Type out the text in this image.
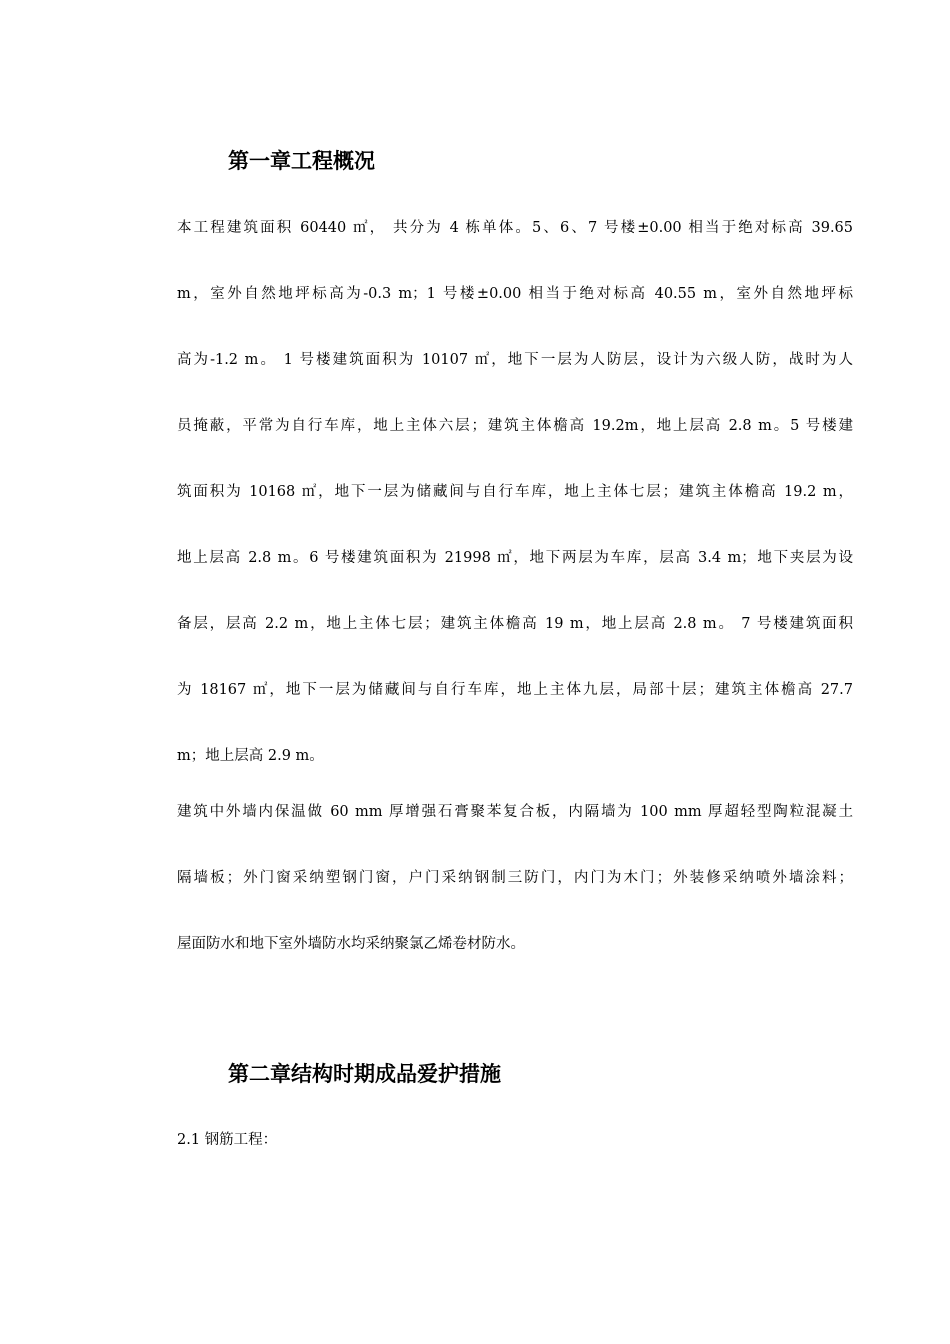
第一章工程概况

本工程建筑面积 60440 ㎡， 共分为 4 栋单体。5、6、7 号楼±0.00 相当于绝对标高 39.65

m，室外自然地坪标高为-0.3 m；1 号楼±0.00 相当于绝对标高 40.55 m，室外自然地坪标

高为-1.2 m。 1 号楼建筑面积为 10107 ㎡，地下一层为人防层，设计为六级人防，战时为人

员掩蔽，平常为自行车库，地上主体六层；建筑主体檐高 19.2m，地上层高 2.8 m。5 号楼建

筑面积为 10168 ㎡，地下一层为储藏间与自行车库，地上主体七层；建筑主体檐高 19.2 m，

地上层高 2.8 m。6 号楼建筑面积为 21998 ㎡，地下两层为车库，层高 3.4 m；地下夹层为设

备层，层高 2.2 m，地上主体七层；建筑主体檐高 19 m，地上层高 2.8 m。 7 号楼建筑面积

为 18167 ㎡，地下一层为储藏间与自行车库，地上主体九层，局部十层；建筑主体檐高 27.7

m；地上层高 2.9 m。

建筑中外墙内保温做 60 mm 厚增强石膏聚苯复合板，内隔墙为 100 mm 厚超轻型陶粒混凝土

隔墙板；外门窗采纳塑钢门窗，户门采纳钢制三防门，内门为木门；外装修采纳喷外墙涂料；

屋面防水和地下室外墙防水均采纳聚氯乙烯卷材防水。

第二章结构时期成品爱护措施

2.1 钢筋工程：
